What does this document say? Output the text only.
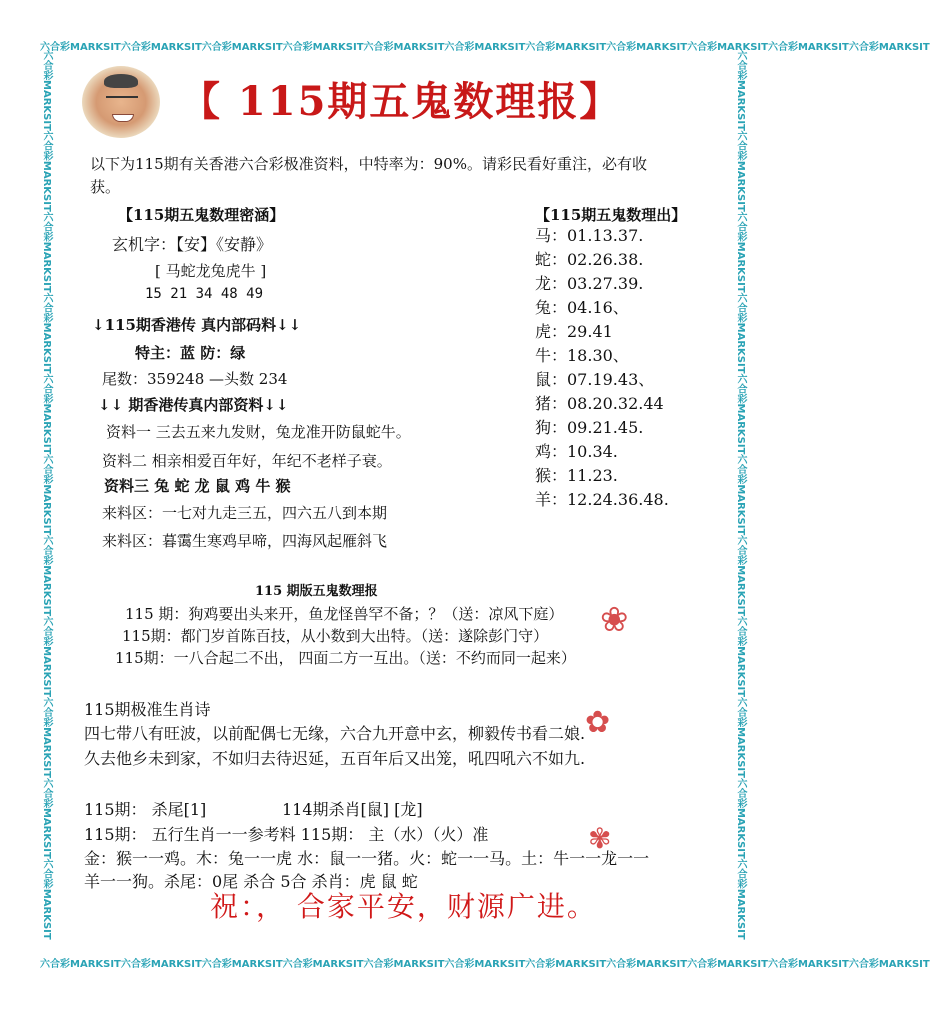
六合彩MARKSIT六合彩MARKSIT六合彩MARKSIT六合彩MARKSIT六合彩MARKSIT六合彩MARKSIT六合彩MARKSIT六合彩MARKSIT六合彩MARKSIT六合彩MARKSIT六合彩MARKSIT
六合彩MARKSIT六合彩MARKSIT六合彩MARKSIT六合彩MARKSIT六合彩MARKSIT六合彩MARKSIT六合彩MARKSIT六合彩MARKSIT六合彩MARKSIT六合彩MARKSIT六合彩MARKSIT
六合彩MARKSIT六合彩MARKSIT六合彩MARKSIT六合彩MARKSIT六合彩MARKSIT六合彩MARKSIT六合彩MARKSIT六合彩MARKSIT六合彩MARKSIT六合彩MARKSIT六合彩MARKSIT	六合彩MARKSIT六合彩MARKSIT六合彩MARKSIT六合彩MARKSIT六合彩MARKSIT六合彩MARKSIT六合彩MARKSIT六合彩MARKSIT六合彩MARKSIT六合彩MARKSIT六合彩MARKSIT
【 115期五鬼数理报】
以下为115期有关香港六合彩极准资料，中特率为：90%。请彩民看好重注，必有收
获。
【115期五鬼数理密涵】
玄机字：【安】《安静》
[ 马蛇龙兔虎牛 ]
15 21 34 48 49
↓115期香港传 真内部码料↓↓
特主：蓝 防：绿
尾数：359248 —头数 234
↓↓ 期香港传真内部资料↓↓
资料一 三去五来九发财，兔龙准开防鼠蛇牛。
资料二 相亲相爱百年好，年纪不老样子衰。
资料三 兔 蛇 龙 鼠 鸡 牛 猴
来料区：一七对九走三五，四六五八到本期
来料区：暮霭生寒鸡早啼，四海风起雁斜飞
【115期五鬼数理出】
马：01.13.37.
蛇：02.26.38.
龙：03.27.39.
兔：04.16、
虎：29.41
牛：18.30、
鼠：07.19.43、
猪：08.20.32.44
狗：09.21.45.
鸡：10.34.
猴：11.23.
羊：12.24.36.48.
115 期版五鬼数理报
115 期：狗鸡要出头来开，鱼龙怪兽罕不备；？（送：凉风下庭）
115期：都门岁首陈百技，从小数到大出特。（送：遂除彭门守）
115期：一八合起二不出， 四面二方一互出。（送：不约而同一起来）
115期极准生肖诗
四七带八有旺波，以前配偶七无缘，六合九开意中玄，柳毅传书看二娘.
久去他乡未到家，不如归去待迟延，五百年后又出笼，吼四吼六不如九.
115期： 杀尾[1]	114期杀肖[鼠] [龙]
115期： 五行生肖一一参考料 115期： 主（水）（火）准
金：猴一一鸡。木：兔一一虎 水：鼠一一猪。火：蛇一一马。土：牛一一龙一一
羊一一狗。杀尾：0尾 杀合 5合 杀肖：虎 鼠 蛇
❀
✿
✾
祝：， 合家平安，财源广进。
